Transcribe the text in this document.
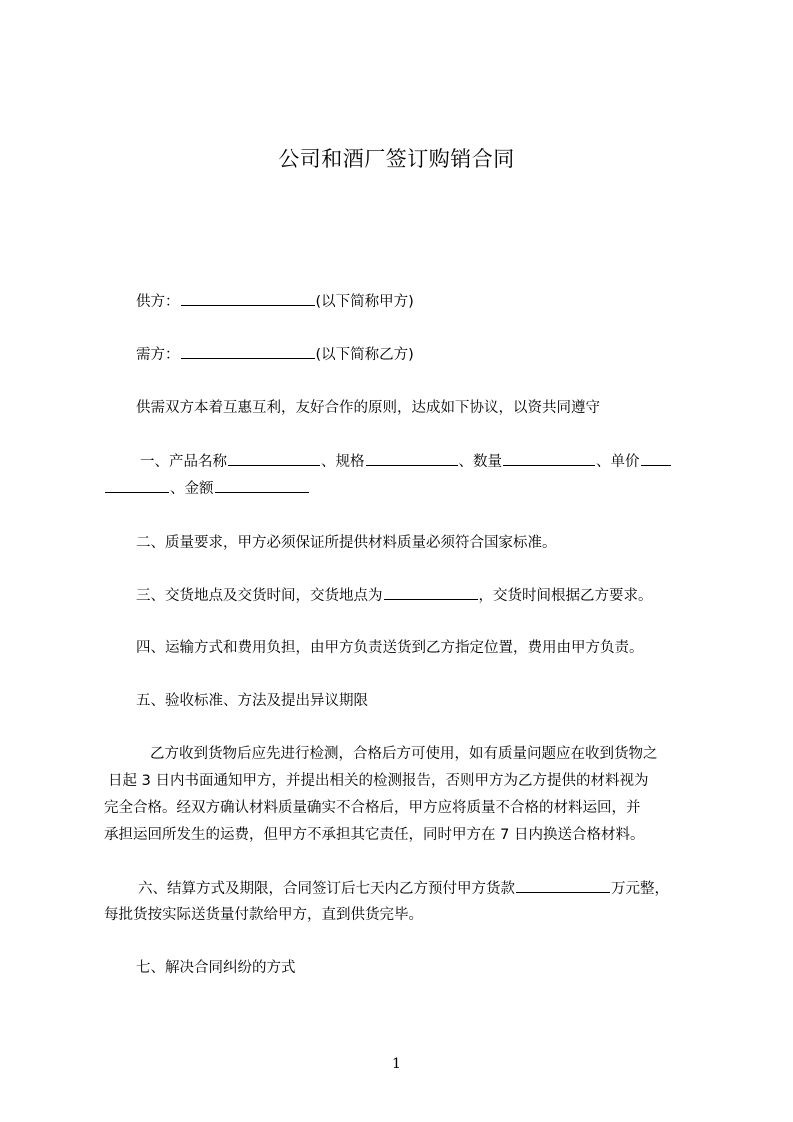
公司和酒厂签订购销合同
供方：	(以下简称甲方)
需方：	(以下简称乙方)
供需双方本着互惠互利，友好合作的原则，达成如下协议，以资共同遵守
一、产品名称	、规格	、数量	、单价
、金额
二、质量要求，甲方必须保证所提供材料质量必须符合国家标准。
三、交货地点及交货时间，交货地点为	，交货时间根据乙方要求。
四、运输方式和费用负担，由甲方负责送货到乙方指定位置，费用由甲方负责。
五、验收标准、方法及提出异议期限
乙方收到货物后应先进行检测，合格后方可使用，如有质量问题应在收到货物之
日起 3 日内书面通知甲方，并提出相关的检测报告，否则甲方为乙方提供的材料视为
完全合格。经双方确认材料质量确实不合格后，甲方应将质量不合格的材料运回，并
承担运回所发生的运费，但甲方不承担其它责任，同时甲方在 7 日内换送合格材料。
六、结算方式及期限，合同签订后七天内乙方预付甲方货款	万元整，
每批货按实际送货量付款给甲方，直到供货完毕。
七、解决合同纠纷的方式
1
